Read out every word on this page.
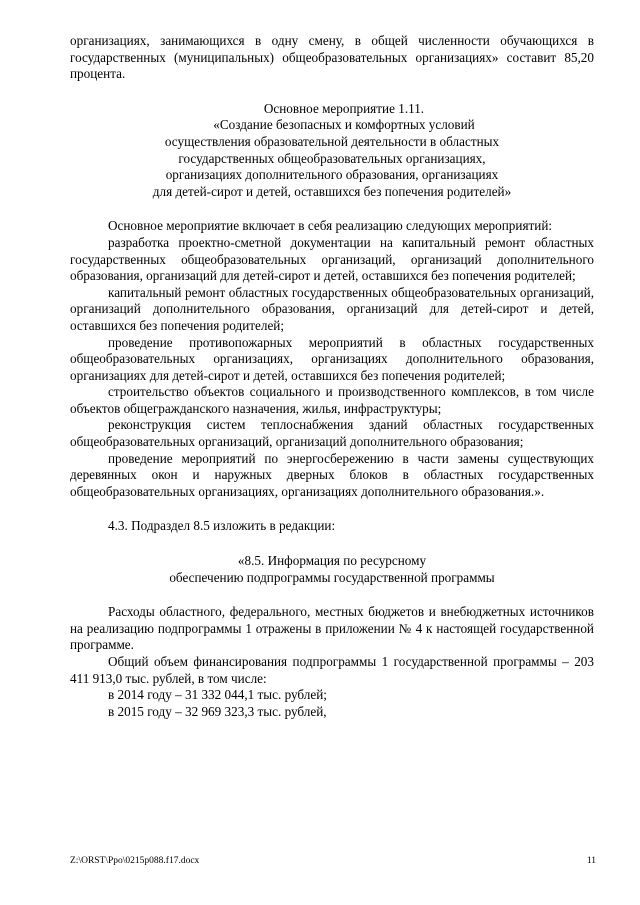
организациях, занимающихся в одну смену, в общей численности обучающихся в государственных (муниципальных) общеобразовательных организациях» составит 85,20 процента.

Основное мероприятие 1.11.

«Создание безопасных и комфортных условий

осуществления образовательной деятельности в областных

государственных общеобразовательных организациях,

организациях дополнительного образования, организациях

для детей-сирот и детей, оставшихся без попечения родителей»

Основное мероприятие включает в себя реализацию следующих мероприятий:

разработка проектно-сметной документации на капитальный ремонт областных государственных общеобразовательных организаций, организаций дополнительного образования, организаций для детей-сирот и детей, оставшихся без попечения родителей;

капитальный ремонт областных государственных общеобразовательных организаций, организаций дополнительного образования, организаций для детей-сирот и детей, оставшихся без попечения родителей;

проведение противопожарных мероприятий в областных государственных общеобразовательных организациях, организациях дополнительного образования, организациях для детей-сирот и детей, оставшихся без попечения родителей;

строительство объектов социального и производственного комплексов, в том числе объектов общегражданского назначения, жилья, инфраструктуры;

реконструкция систем теплоснабжения зданий областных государственных общеобразовательных организаций, организаций дополнительного образования;

проведение мероприятий по энергосбережению в части замены существующих деревянных окон и наружных дверных блоков в областных государственных общеобразовательных организациях, организациях дополнительного образования.».

4.3. Подраздел 8.5 изложить в редакции:

«8.5. Информация по ресурсному

обеспечению подпрограммы государственной программы

Расходы областного, федерального, местных бюджетов и внебюджетных источников на реализацию подпрограммы 1 отражены в приложении № 4 к настоящей государственной программе.

Общий объем финансирования подпрограммы 1 государственной программы – 203 411 913,0 тыс. рублей, в том числе:

в 2014 году – 31 332 044,1 тыс. рублей;

в 2015 году – 32 969 323,3 тыс. рублей,

Z:\ORST\Ppo\0215p088.f17.docx	11
